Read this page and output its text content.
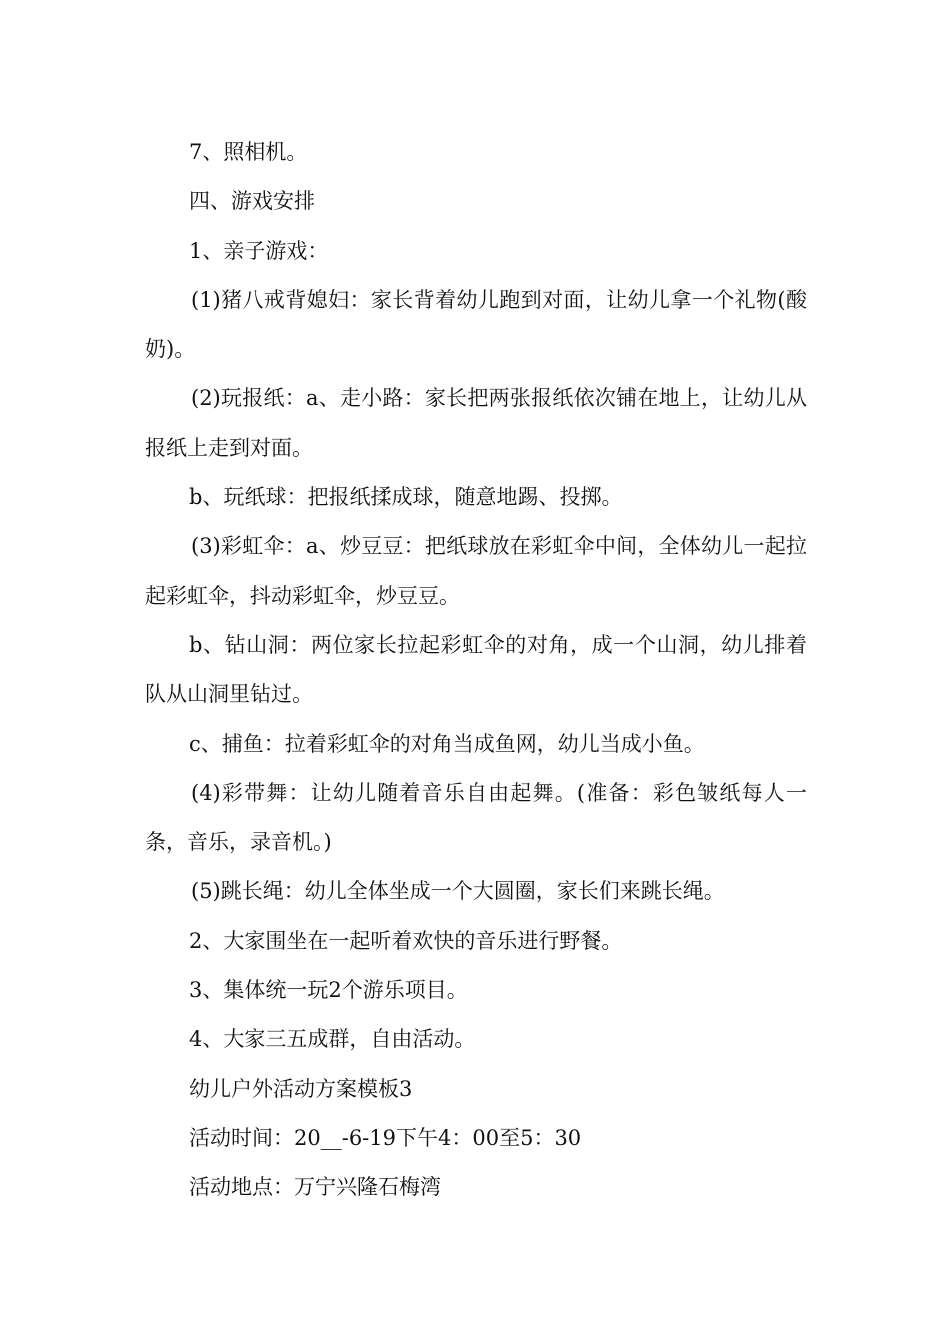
7、照相机。

四、游戏安排

1、亲子游戏：

(1)猪八戒背媳妇：家长背着幼儿跑到对面，让幼儿拿一个礼物(酸奶)。

(2)玩报纸：a、走小路：家长把两张报纸依次铺在地上，让幼儿从报纸上走到对面。

b、玩纸球：把报纸揉成球，随意地踢、投掷。

(3)彩虹伞：a、炒豆豆：把纸球放在彩虹伞中间，全体幼儿一起拉起彩虹伞，抖动彩虹伞，炒豆豆。

b、钻山洞：两位家长拉起彩虹伞的对角，成一个山洞，幼儿排着队从山洞里钻过。

c、捕鱼：拉着彩虹伞的对角当成鱼网，幼儿当成小鱼。

(4)彩带舞：让幼儿随着音乐自由起舞。(准备：彩色皱纸每人一条，音乐，录音机。)

(5)跳长绳：幼儿全体坐成一个大圆圈，家长们来跳长绳。

2、大家围坐在一起听着欢快的音乐进行野餐。

3、集体统一玩2个游乐项目。

4、大家三五成群，自由活动。

幼儿户外活动方案模板3

活动时间：20__-6-19下午4：00至5：30

活动地点：万宁兴隆石梅湾
